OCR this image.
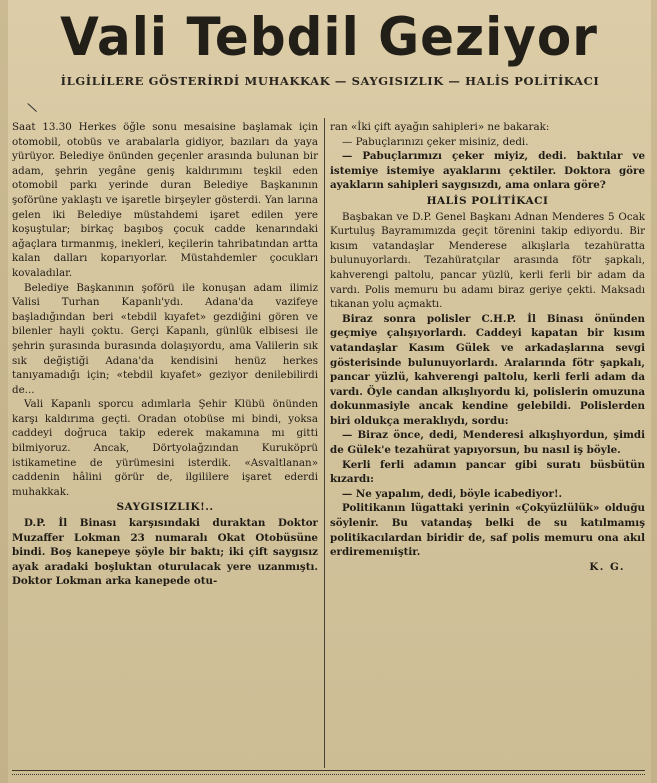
Vali Tebdil Geziyor
İLGİLİLERE GÖSTERİRDİ MUHAKKAK — SAYGISIZLIK — HALİS POLİTİKACI
\

Saat 13.30 Herkes öğle sonu mesaisine başlamak için otomobil, otobüs ve arabalarla gidiyor, bazıları da yaya yürüyor. Belediye önünden geçenler arasında bulunan bir adam, şehrin yegâne geniş kaldırımını teşkil eden otomobil parkı yerinde duran Belediye Başkanının şoförüne yaklaştı ve işaretle birşeyler gösterdi. Yan larına gelen iki Belediye müstahdemi işaret edilen yere koşuştular; birkaç başıboş çocuk cadde kenarındaki ağaçlara tırmanmış, inekleri, keçilerin tahribatından artta kalan dalları koparıyorlar. Müstahdemler çocukları kovaladılar.

Belediye Başkanının şoförü ile konuşan adam ilimiz Valisi Turhan Kapanlı'ydı. Adana'da vazifeye başladığından beri «tebdil kıyafet» gezdiğini gören ve bilenler hayli çoktu. Gerçi Kapanlı, günlük elbisesi ile şehrin şurasında burasında dolaşıyordu, ama Valilerin sık sık değiştiği Adana'da kendisini henüz herkes tanıyamadığı için; «tebdil kıyafet» geziyor denilebilirdi de...

Vali Kapanlı sporcu adımlarla Şehir Klübü önünden karşı kaldırıma geçti. Oradan otobüse mi bindi, yoksa caddeyi doğruca takip ederek makamına mı gitti bilmiyoruz. Ancak, Dörtyolağzından Kuruköprü istikametine de yürümesini isterdik. «Asvaltlanan» caddenin hâlini görür de, ilgililere işaret ederdi muhakkak.

SAYGISIZLIK!..

D.P. İl Binası karşısındaki duraktan Doktor Muzaffer Lokman 23 numaralı Okat Otobüsüne bindi. Boş kanepeye şöyle bir baktı; iki çift saygısız ayak aradaki boşluktan oturulacak yere uzanmıştı. Doktor Lokman arka kanepede otu-

ran «İki çift ayağın sahipleri» ne bakarak:

— Pabuçlarınızı çeker misiniz, dedi.

— Pabuçlarımızı çeker miyiz, dedi. baktılar ve istemiye istemiye ayaklarını çektiler. Doktora göre ayakların sahipleri saygısızdı, ama onlara göre?

HALİS POLİTİKACI

Başbakan ve D.P. Genel Başkanı Adnan Menderes 5 Ocak Kurtuluş Bayramımızda geçit törenini takip ediyordu. Bir kısım vatandaşlar Menderese alkışlarla tezahüratta bulunuyorlardı. Tezahüratçılar arasında fötr şapkalı, kahverengi paltolu, pancar yüzlü, kerli ferli bir adam da vardı. Polis memuru bu adamı biraz geriye çekti. Maksadı tıkanan yolu açmaktı.

Biraz sonra polisler C.H.P. İl Binası önünden geçmiye çalışıyorlardı. Caddeyi kapatan bir kısım vatandaşlar Kasım Gülek ve arkadaşlarına sevgi gösterisinde bulunuyorlardı. Aralarında fötr şapkalı, pancar yüzlü, kahverengi paltolu, kerli ferli adam da vardı. Öyle candan alkışlıyordu ki, polislerin omuzuna dokunmasiyle ancak kendine gelebildi. Polislerden biri oldukça meraklıydı, sordu:

— Biraz önce, dedi, Menderesi alkışlıyordun, şimdi de Gülek'e tezahürat yapıyorsun, bu nasıl iş böyle.

Kerli ferli adamın pancar gibi suratı büsbütün kızardı:

— Ne yapalım, dedi, böyle icabediyor!.

Politikanın lügattaki yerinin «Çokyüzlülük» olduğu söylenir. Bu vatandaş belki de su katılmamış politikacılardan biridir de, saf polis memuru ona akıl erdiremenıiştir.

K. G.
